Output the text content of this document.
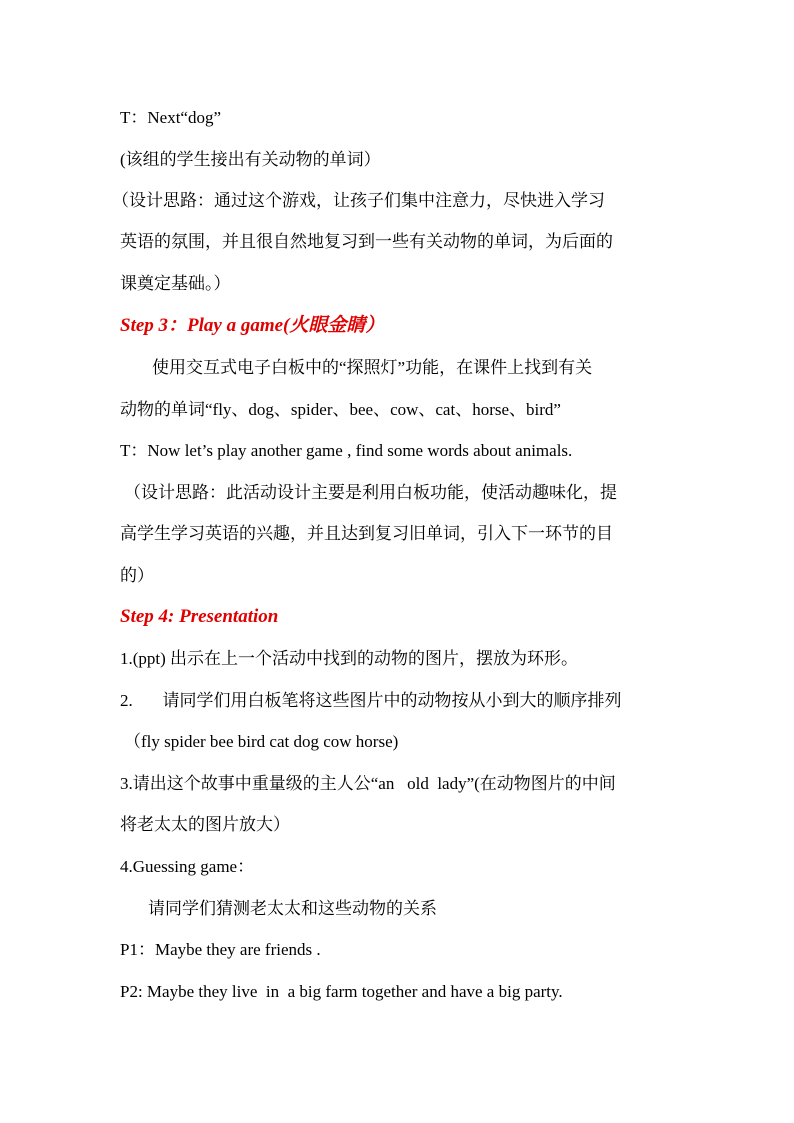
T：Next“dog”
(该组的学生接出有关动物的单词）
（设计思路：通过这个游戏，让孩子们集中注意力，尽快进入学习
英语的氛围，并且很自然地复习到一些有关动物的单词，为后面的
课奠定基础。）
Step 3：Play a game(火眼金睛）
使用交互式电子白板中的“探照灯”功能，在课件上找到有关
动物的单词“fly、dog、spider、bee、cow、cat、horse、bird”
T：Now let’s play another game , find some words about animals.
（设计思路：此活动设计主要是利用白板功能，使活动趣味化，提
高学生学习英语的兴趣，并且达到复习旧单词，引入下一环节的目
的）
Step 4: Presentation
1.(ppt) 出示在上一个活动中找到的动物的图片，摆放为环形。
2.       请同学们用白板笔将这些图片中的动物按从小到大的顺序排列
（fly spider bee bird cat dog cow horse)
3.请出这个故事中重量级的主人公“an   old  lady”(在动物图片的中间
将老太太的图片放大）
4.Guessing game：
请同学们猜测老太太和这些动物的关系
P1：Maybe they are friends .
P2: Maybe they live  in  a big farm together and have a big party.
